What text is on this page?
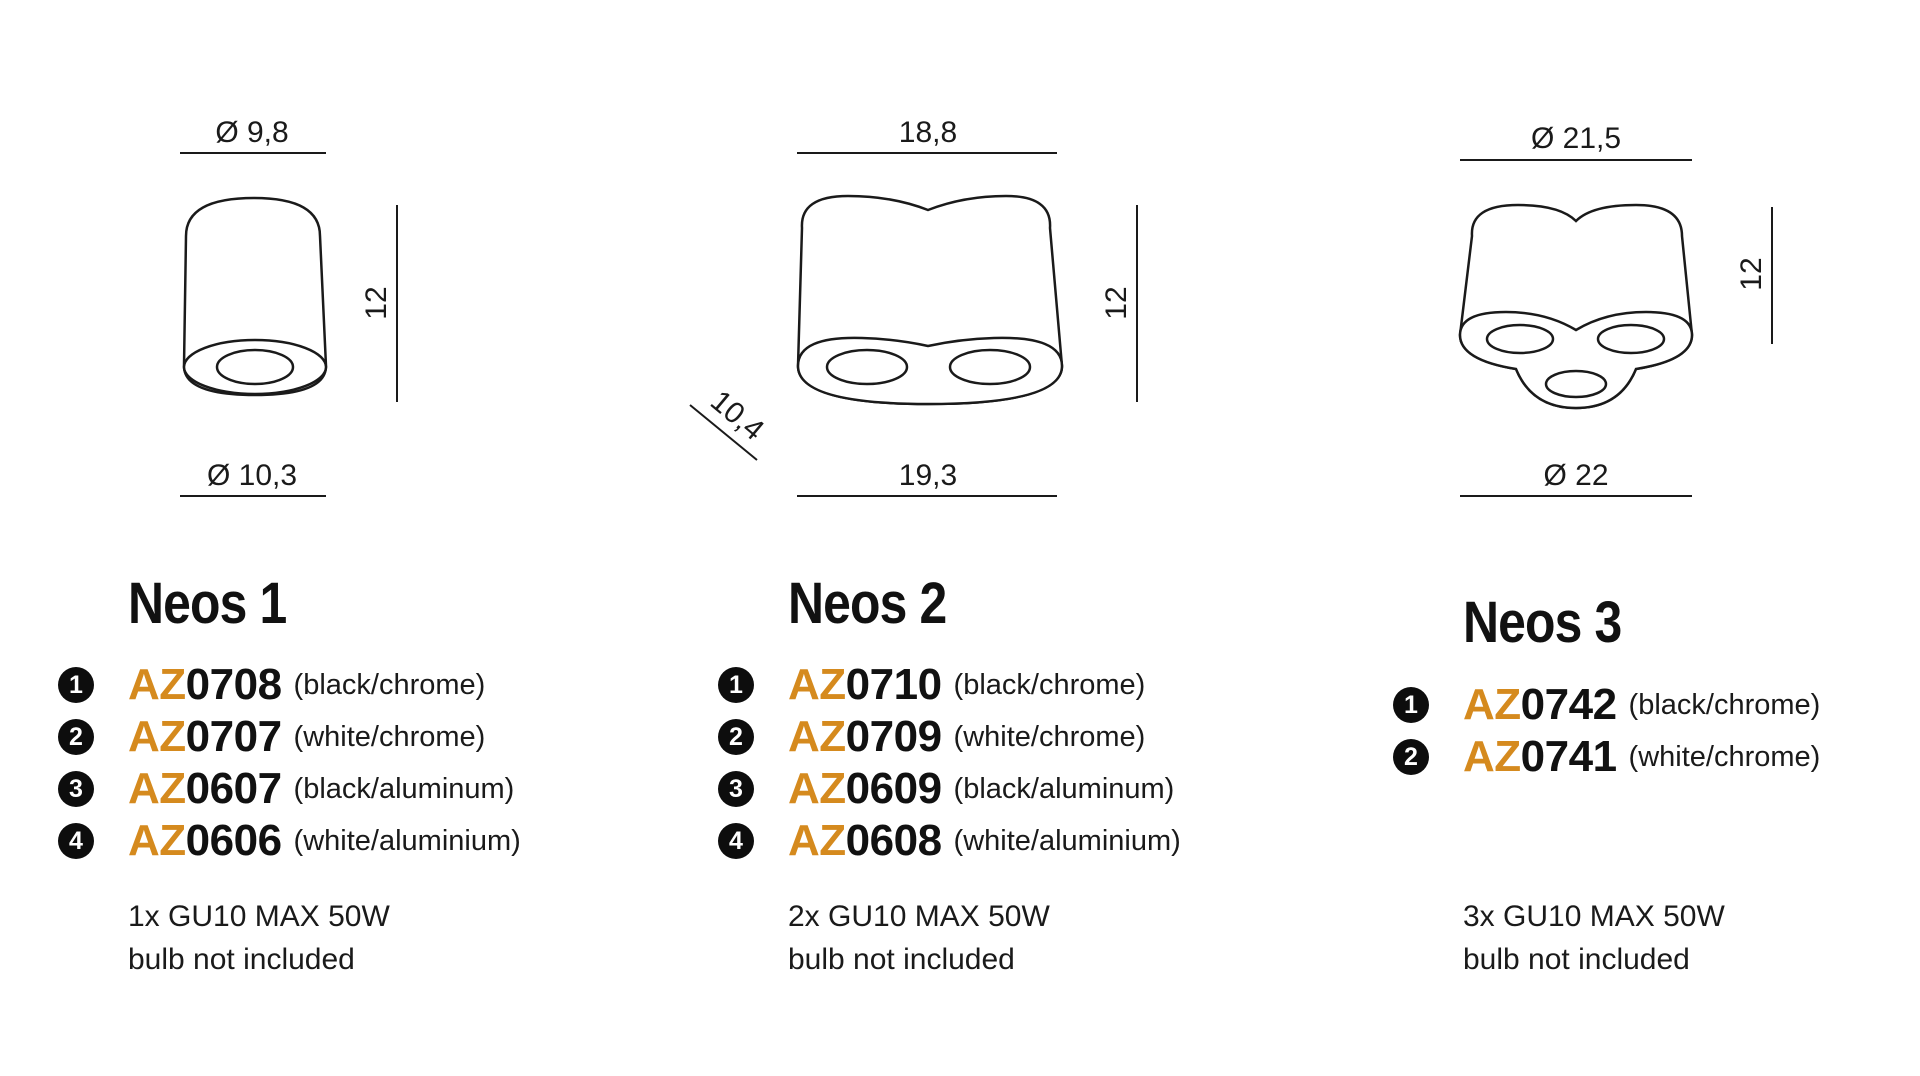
Ø 9,8
12
Ø 10,3
Neos 1
1 AZ0708 (black/chrome)
2 AZ0707 (white/chrome)
3 AZ0607 (black/aluminum)
4 AZ0606 (white/aluminium)
1x GU10 MAX 50W
bulb not included
18,8
12
10,4
19,3
Neos 2
1 AZ0710 (black/chrome)
2 AZ0709 (white/chrome)
3 AZ0609 (black/aluminum)
4 AZ0608 (white/aluminium)
2x GU10 MAX 50W
bulb not included
Ø 21,5
12
Ø 22
Neos 3
1 AZ0742 (black/chrome)
2 AZ0741 (white/chrome)
3x GU10 MAX 50W
bulb not included
